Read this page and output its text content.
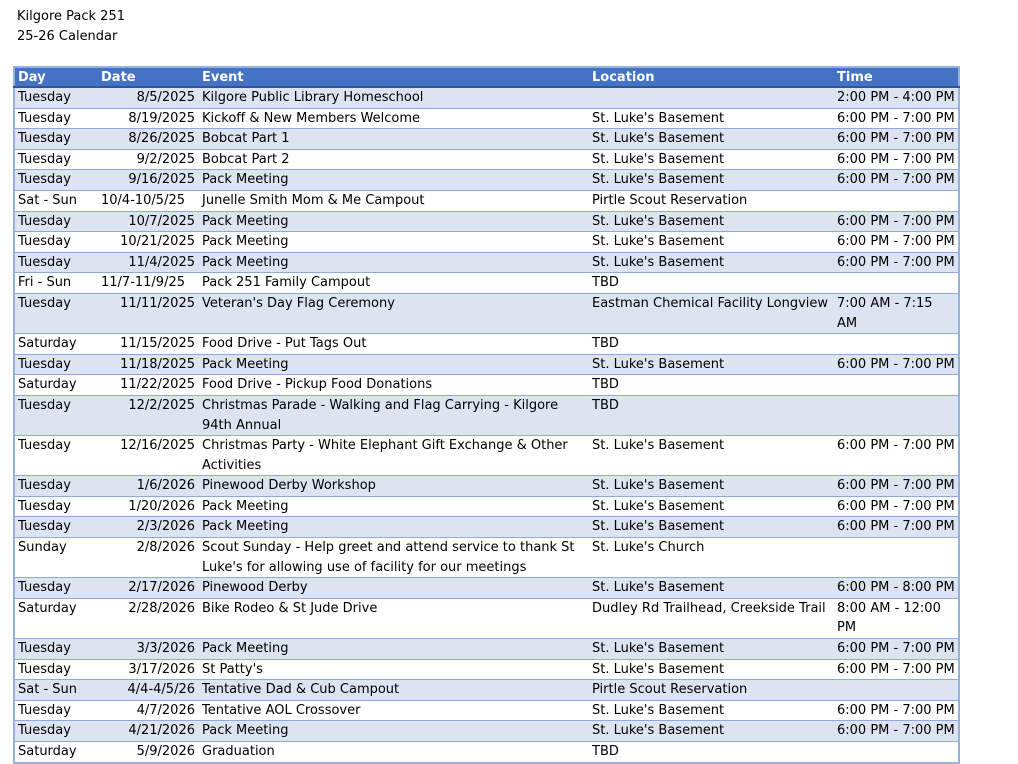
Kilgore Pack 251
25-26 Calendar
Day	Date	Event	Location	Time
Tuesday	8/5/2025	Kilgore Public Library Homeschool		2:00 PM - 4:00 PM
Tuesday	8/19/2025	Kickoff & New Members Welcome	St. Luke's Basement	6:00 PM - 7:00 PM
Tuesday	8/26/2025	Bobcat Part 1	St. Luke's Basement	6:00 PM - 7:00 PM
Tuesday	9/2/2025	Bobcat Part 2	St. Luke's Basement	6:00 PM - 7:00 PM
Tuesday	9/16/2025	Pack Meeting	St. Luke's Basement	6:00 PM - 7:00 PM
Sat - Sun	10/4-10/5/25	Junelle Smith Mom & Me Campout	Pirtle Scout Reservation	
Tuesday	10/7/2025	Pack Meeting	St. Luke's Basement	6:00 PM - 7:00 PM
Tuesday	10/21/2025	Pack Meeting	St. Luke's Basement	6:00 PM - 7:00 PM
Tuesday	11/4/2025	Pack Meeting	St. Luke's Basement	6:00 PM - 7:00 PM
Fri - Sun	11/7-11/9/25	Pack 251 Family Campout	TBD	
Tuesday	11/11/2025	Veteran's Day Flag Ceremony	Eastman Chemical Facility Longview	7:00 AM - 7:15 AM
Saturday	11/15/2025	Food Drive - Put Tags Out	TBD	
Tuesday	11/18/2025	Pack Meeting	St. Luke's Basement	6:00 PM - 7:00 PM
Saturday	11/22/2025	Food Drive - Pickup Food Donations	TBD	
Tuesday	12/2/2025	Christmas Parade - Walking and Flag Carrying - Kilgore 94th Annual	TBD	
Tuesday	12/16/2025	Christmas Party - White Elephant Gift Exchange & Other Activities	St. Luke's Basement	6:00 PM - 7:00 PM
Tuesday	1/6/2026	Pinewood Derby Workshop	St. Luke's Basement	6:00 PM - 7:00 PM
Tuesday	1/20/2026	Pack Meeting	St. Luke's Basement	6:00 PM - 7:00 PM
Tuesday	2/3/2026	Pack Meeting	St. Luke's Basement	6:00 PM - 7:00 PM
Sunday	2/8/2026	Scout Sunday - Help greet and attend service to thank St Luke's for allowing use of facility for our meetings	St. Luke's Church	
Tuesday	2/17/2026	Pinewood Derby	St. Luke's Basement	6:00 PM - 8:00 PM
Saturday	2/28/2026	Bike Rodeo & St Jude Drive	Dudley Rd Trailhead, Creekside Trail	8:00 AM - 12:00 PM
Tuesday	3/3/2026	Pack Meeting	St. Luke's Basement	6:00 PM - 7:00 PM
Tuesday	3/17/2026	St Patty's	St. Luke's Basement	6:00 PM - 7:00 PM
Sat - Sun	4/4-4/5/26	Tentative Dad & Cub Campout	Pirtle Scout Reservation	
Tuesday	4/7/2026	Tentative AOL Crossover	St. Luke's Basement	6:00 PM - 7:00 PM
Tuesday	4/21/2026	Pack Meeting	St. Luke's Basement	6:00 PM - 7:00 PM
Saturday	5/9/2026	Graduation	TBD	
